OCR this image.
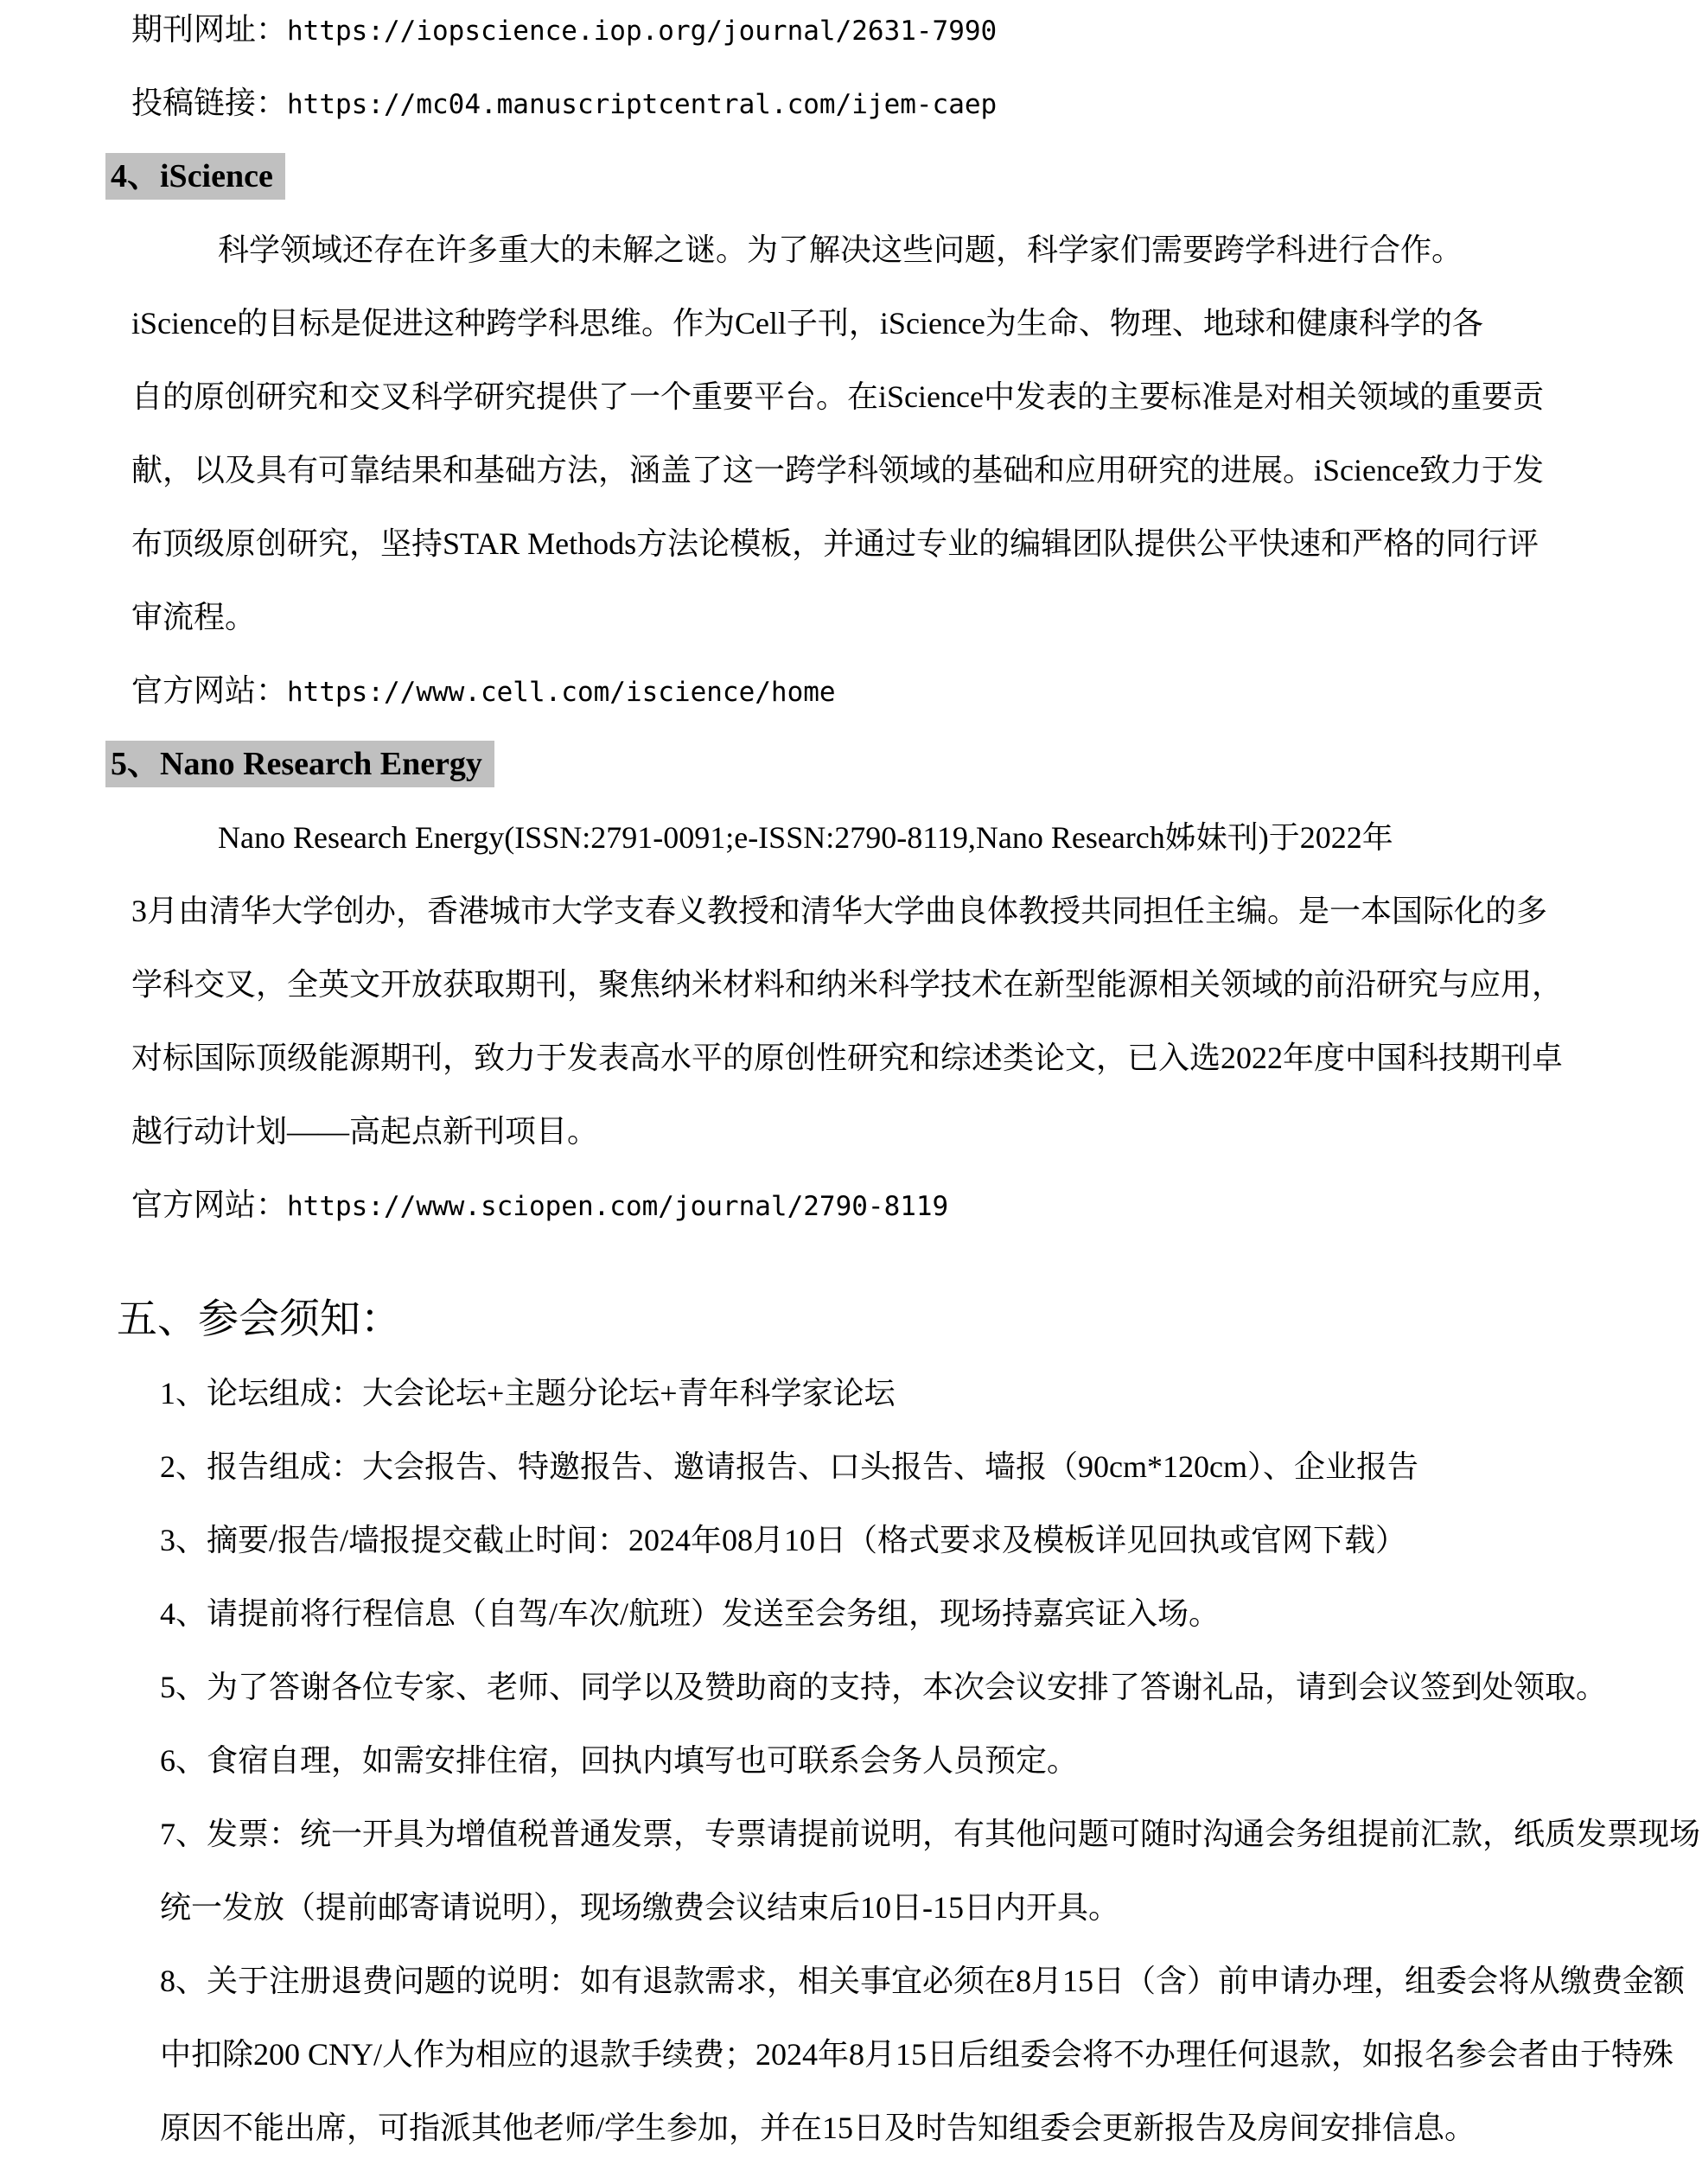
期刊网址：https://iopscience.iop.org/journal/2631-7990
投稿链接：https://mc04.manuscriptcentral.com/ijem-caep
4、iScience
科学领域还存在许多重大的未解之谜。为了解决这些问题，科学家们需要跨学科进行合作。
iScience的目标是促进这种跨学科思维。作为Cell子刊，iScience为生命、物理、地球和健康科学的各
自的原创研究和交叉科学研究提供了一个重要平台。在iScience中发表的主要标准是对相关领域的重要贡
献，以及具有可靠结果和基础方法，涵盖了这一跨学科领域的基础和应用研究的进展。iScience致力于发
布顶级原创研究，坚持STAR Methods方法论模板，并通过专业的编辑团队提供公平快速和严格的同行评
审流程。
官方网站：https://www.cell.com/iscience/home
5、Nano Research Energy
Nano Research Energy(ISSN:2791-0091;e-ISSN:2790-8119,Nano Research姊妹刊)于2022年
3月由清华大学创办，香港城市大学支春义教授和清华大学曲良体教授共同担任主编。是一本国际化的多
学科交叉，全英文开放获取期刊，聚焦纳米材料和纳米科学技术在新型能源相关领域的前沿研究与应用，
对标国际顶级能源期刊，致力于发表高水平的原创性研究和综述类论文，已入选2022年度中国科技期刊卓
越行动计划——高起点新刊项目。
官方网站：https://www.sciopen.com/journal/2790-8119
五、参会须知：
1、论坛组成：大会论坛+主题分论坛+青年科学家论坛
2、报告组成：大会报告、特邀报告、邀请报告、口头报告、墙报（90cm*120cm）、企业报告
3、摘要/报告/墙报提交截止时间：2024年08月10日（格式要求及模板详见回执或官网下载）
4、请提前将行程信息（自驾/车次/航班）发送至会务组，现场持嘉宾证入场。
5、为了答谢各位专家、老师、同学以及赞助商的支持，本次会议安排了答谢礼品，请到会议签到处领取。
6、食宿自理，如需安排住宿，回执内填写也可联系会务人员预定。
7、发票：统一开具为增值税普通发票，专票请提前说明，有其他问题可随时沟通会务组提前汇款，纸质发票现场
统一发放（提前邮寄请说明），现场缴费会议结束后10日-15日内开具。
8、关于注册退费问题的说明：如有退款需求，相关事宜必须在8月15日（含）前申请办理，组委会将从缴费金额
中扣除200 CNY/人作为相应的退款手续费；2024年8月15日后组委会将不办理任何退款，如报名参会者由于特殊
原因不能出席，可指派其他老师/学生参加，并在15日及时告知组委会更新报告及房间安排信息。
